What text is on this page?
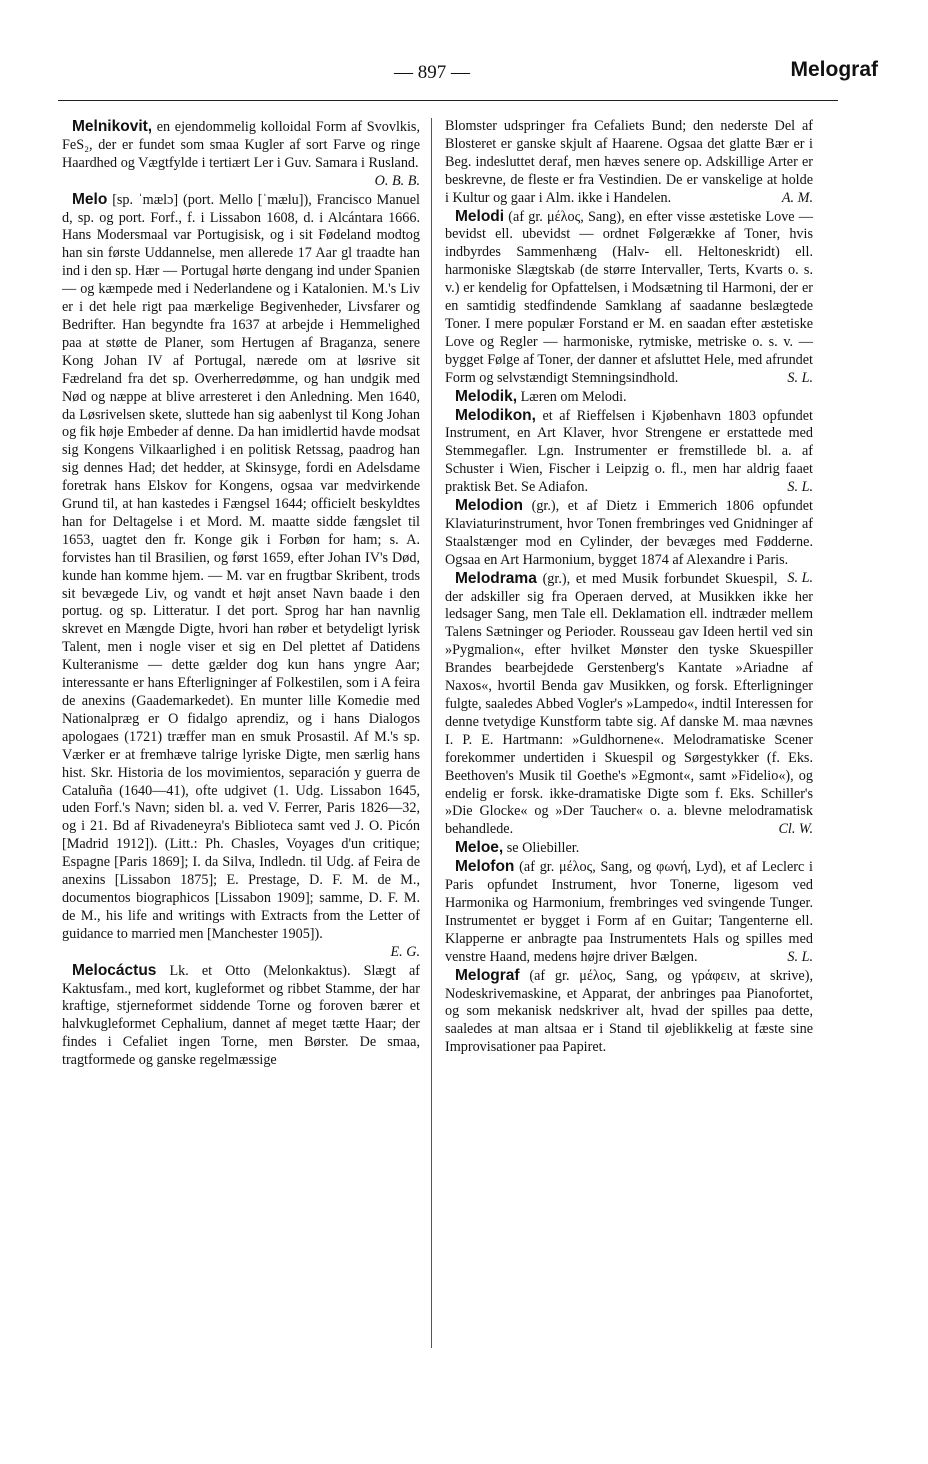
— 897 —	Melograf

Melnikovit, en ejendommelig kolloidal Form af Svovlkis, FeS₂, der er fundet som smaa Kugler af sort Farve og ringe Haardhed og Vægtfylde i tertiært Ler i Guv. Samara i Rusland.
O. B. B.

Melo [sp. ˈmælɔ] (port. Mello [ˈmælu]), Francisco Manuel d, sp. og port. Forf., f. i Lissabon 1608, d. i Alcántara 1666. Hans Modersmaal var Portugisisk, og i sit Fødeland modtog han sin første Uddannelse, men allerede 17 Aar gl traadte han ind i den sp. Hær — Portugal hørte dengang ind under Spanien — og kæmpede med i Nederlandene og i Katalonien. M.'s Liv er i det hele rigt paa mærkelige Begivenheder, Livsfarer og Bedrifter. Han begyndte fra 1637 at arbejde i Hemmelighed paa at støtte de Planer, som Hertugen af Braganza, senere Kong Johan IV af Portugal, nærede om at løsrive sit Fædreland fra det sp. Overherredømme, og han undgik med Nød og næppe at blive arresteret i den Anledning. Men 1640, da Løsrivelsen skete, sluttede han sig aabenlyst til Kong Johan og fik høje Embeder af denne. Da han imidlertid havde modsat sig Kongens Vilkaarlighed i en politisk Retssag, paadrog han sig dennes Had; det hedder, at Skinsyge, fordi en Adelsdame foretrak hans Elskov for Kongens, ogsaa var medvirkende Grund til, at han kastedes i Fængsel 1644; officielt beskyldtes han for Deltagelse i et Mord. M. maatte sidde fængslet til 1653, uagtet den fr. Konge gik i Forbøn for ham; s. A. forvistes han til Brasilien, og først 1659, efter Johan IV's Død, kunde han komme hjem. — M. var en frugtbar Skribent, trods sit bevægede Liv, og vandt et højt anset Navn baade i den portug. og sp. Litteratur. I det port. Sprog har han navnlig skrevet en Mængde Digte, hvori han røber et betydeligt lyrisk Talent, men i nogle viser et sig en Del plettet af Datidens Kulteranisme — dette gælder dog kun hans yngre Aar; interessante er hans Efterligninger af Folkestilen, som i A feira de anexins (Gaademarkedet). En munter lille Komedie med Nationalpræg er O fidalgo aprendiz, og i hans Dialogos apologaes (1721) træffer man en smuk Prosastil. Af M.'s sp. Værker er at fremhæve talrige lyriske Digte, men særlig hans hist. Skr. Historia de los movimientos, separación y guerra de Cataluña (1640—41), ofte udgivet (1. Udg. Lissabon 1645, uden Forf.'s Navn; siden bl. a. ved V. Ferrer, Paris 1826—32, og i 21. Bd af Rivadeneyra's Biblioteca samt ved J. O. Picón [Madrid 1912]). (Litt.: Ph. Chasles, Voyages d'un critique; Espagne [Paris 1869]; I. da Silva, Indledn. til Udg. af Feira de anexins [Lissabon 1875]; E. Prestage, D. F. M. de M., documentos biographicos [Lissabon 1909]; samme, D. F. M. de M., his life and writings with Extracts from the Letter of guidance to married men [Manchester 1905]).
E. G.

Melocáctus Lk. et Otto (Melonkaktus). Slægt af Kaktusfam., med kort, kugleformet og ribbet Stamme, der har kraftige, stjerneformet siddende Torne og foroven bærer et halvkugleformet Cephalium, dannet af meget tætte Haar; der findes i Cefaliet ingen Torne, men Børster. De smaa, tragtformede og ganske regelmæssige

Blomster udspringer fra Cefaliets Bund; den nederste Del af Blosteret er ganske skjult af Haarene. Ogsaa det glatte Bær er i Beg. indesluttet deraf, men hæves senere op. Adskillige Arter er beskrevne, de fleste er fra Vestindien. De er vanskelige at holde i Kultur og gaar i Alm. ikke i Handelen.	A. M.

Melodi (af gr. μέλος, Sang), en efter visse æstetiske Love — bevidst ell. ubevidst — ordnet Følgerække af Toner, hvis indbyrdes Sammenhæng (Halv- ell. Heltoneskridt) ell. harmoniske Slægtskab (de større Intervaller, Terts, Kvarts o. s. v.) er kendelig for Opfattelsen, i Modsætning til Harmoni, der er en samtidig stedfindende Samklang af saadanne beslægtede Toner. I mere populær Forstand er M. en saadan efter æstetiske Love og Regler — harmoniske, rytmiske, metriske o. s. v. — bygget Følge af Toner, der danner et afsluttet Hele, med afrundet Form og selvstændigt Stemningsindhold.	S. L.

Melodik, Læren om Melodi.

Melodikon, et af Rieffelsen i Kjøbenhavn 1803 opfundet Instrument, en Art Klaver, hvor Strengene er erstattede med Stemmegafler. Lgn. Instrumenter er fremstillede bl. a. af Schuster i Wien, Fischer i Leipzig o. fl., men har aldrig faaet praktisk Bet. Se Adiafon.	S. L.

Melodion (gr.), et af Dietz i Emmerich 1806 opfundet Klaviaturinstrument, hvor Tonen frembringes ved Gnidninger af Staalstænger mod en Cylinder, der bevæges med Fødderne. Ogsaa en Art Harmonium, bygget 1874 af Alexandre i Paris.
S. L.

Melodrama (gr.), et med Musik forbundet Skuespil, der adskiller sig fra Operaen derved, at Musikken ikke her ledsager Sang, men Tale ell. Deklamation ell. indtræder mellem Talens Sætninger og Perioder. Rousseau gav Ideen hertil ved sin »Pygmalion«, efter hvilket Mønster den tyske Skuespiller Brandes bearbejdede Gerstenberg's Kantate »Ariadne af Naxos«, hvortil Benda gav Musikken, og forsk. Efterligninger fulgte, saaledes Abbed Vogler's »Lampedo«, indtil Interessen for denne tvetydige Kunstform tabte sig. Af danske M. maa nævnes I. P. E. Hartmann: »Guldhornene«. Melodramatiske Scener forekommer undertiden i Skuespil og Sørgestykker (f. Eks. Beethoven's Musik til Goethe's »Egmont«, samt »Fidelio«), og endelig er forsk. ikke-dramatiske Digte som f. Eks. Schiller's »Die Glocke« og »Der Taucher« o. a. blevne melodramatisk behandlede.	Cl. W.

Meloe, se Oliebiller.

Melofon (af gr. μέλος, Sang, og φωνή, Lyd), et af Leclerc i Paris opfundet Instrument, hvor Tonerne, ligesom ved Harmonika og Harmonium, frembringes ved svingende Tunger. Instrumentet er bygget i Form af en Guitar; Tangenterne ell. Klapperne er anbragte paa Instrumentets Hals og spilles med venstre Haand, medens højre driver Bælgen.	S. L.

Melograf (af gr. μέλος, Sang, og γράφειν, at skrive), Nodeskrivemaskine, et Apparat, der anbringes paa Pianofortet, og som mekanisk nedskriver alt, hvad der spilles paa dette, saaledes at man altsaa er i Stand til øjeblikkelig at fæste sine Improvisationer paa Papiret.
